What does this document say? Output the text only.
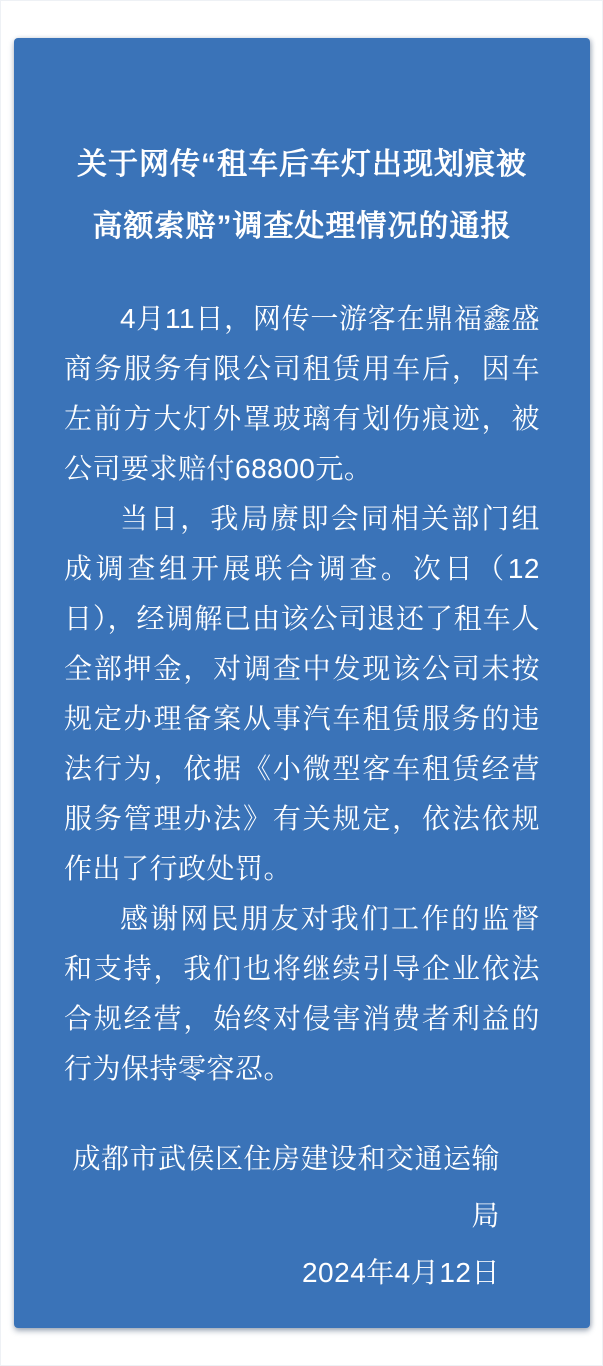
关于网传“租车后车灯出现划痕被
高额索赔”调查处理情况的通报

4月11日，网传一游客在鼎福鑫盛商务服务有限公司租赁用车后，因车左前方大灯外罩玻璃有划伤痕迹，被公司要求赔付68800元。

当日，我局赓即会同相关部门组成调查组开展联合调查。次日（12日），经调解已由该公司退还了租车人全部押金，对调查中发现该公司未按规定办理备案从事汽车租赁服务的违法行为，依据《小微型客车租赁经营服务管理办法》有关规定，依法依规作出了行政处罚。

感谢网民朋友对我们工作的监督和支持，我们也将继续引导企业依法合规经营，始终对侵害消费者利益的行为保持零容忍。

成都市武侯区住房建设和交通运输局

2024年4月12日
